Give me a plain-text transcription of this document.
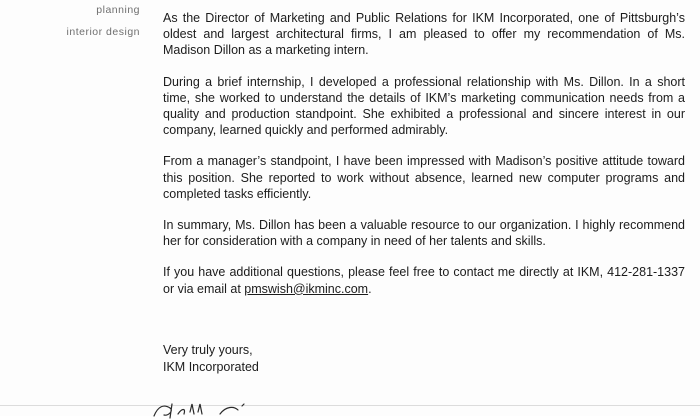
planning
interior design

As the Director of Marketing and Public Relations for IKM Incorporated, one of Pittsburgh’s oldest and largest architectural firms, I am pleased to offer my recommendation of Ms. Madison Dillon as a marketing intern.

During a brief internship, I developed a professional relationship with Ms. Dillon. In a short time, she worked to understand the details of IKM’s marketing communication needs from a quality and production standpoint. She exhibited a professional and sincere interest in our company, learned quickly and performed admirably.

From a manager’s standpoint, I have been impressed with Madison’s positive attitude toward this position. She reported to work without absence, learned new computer programs and completed tasks efficiently.

In summary, Ms. Dillon has been a valuable resource to our organization. I highly recommend her for consideration with a company in need of her talents and skills.

If you have additional questions, please feel free to contact me directly at IKM, 412-281-1337 or via email at pmswish@ikminc.com.

Very truly yours,
IKM Incorporated
